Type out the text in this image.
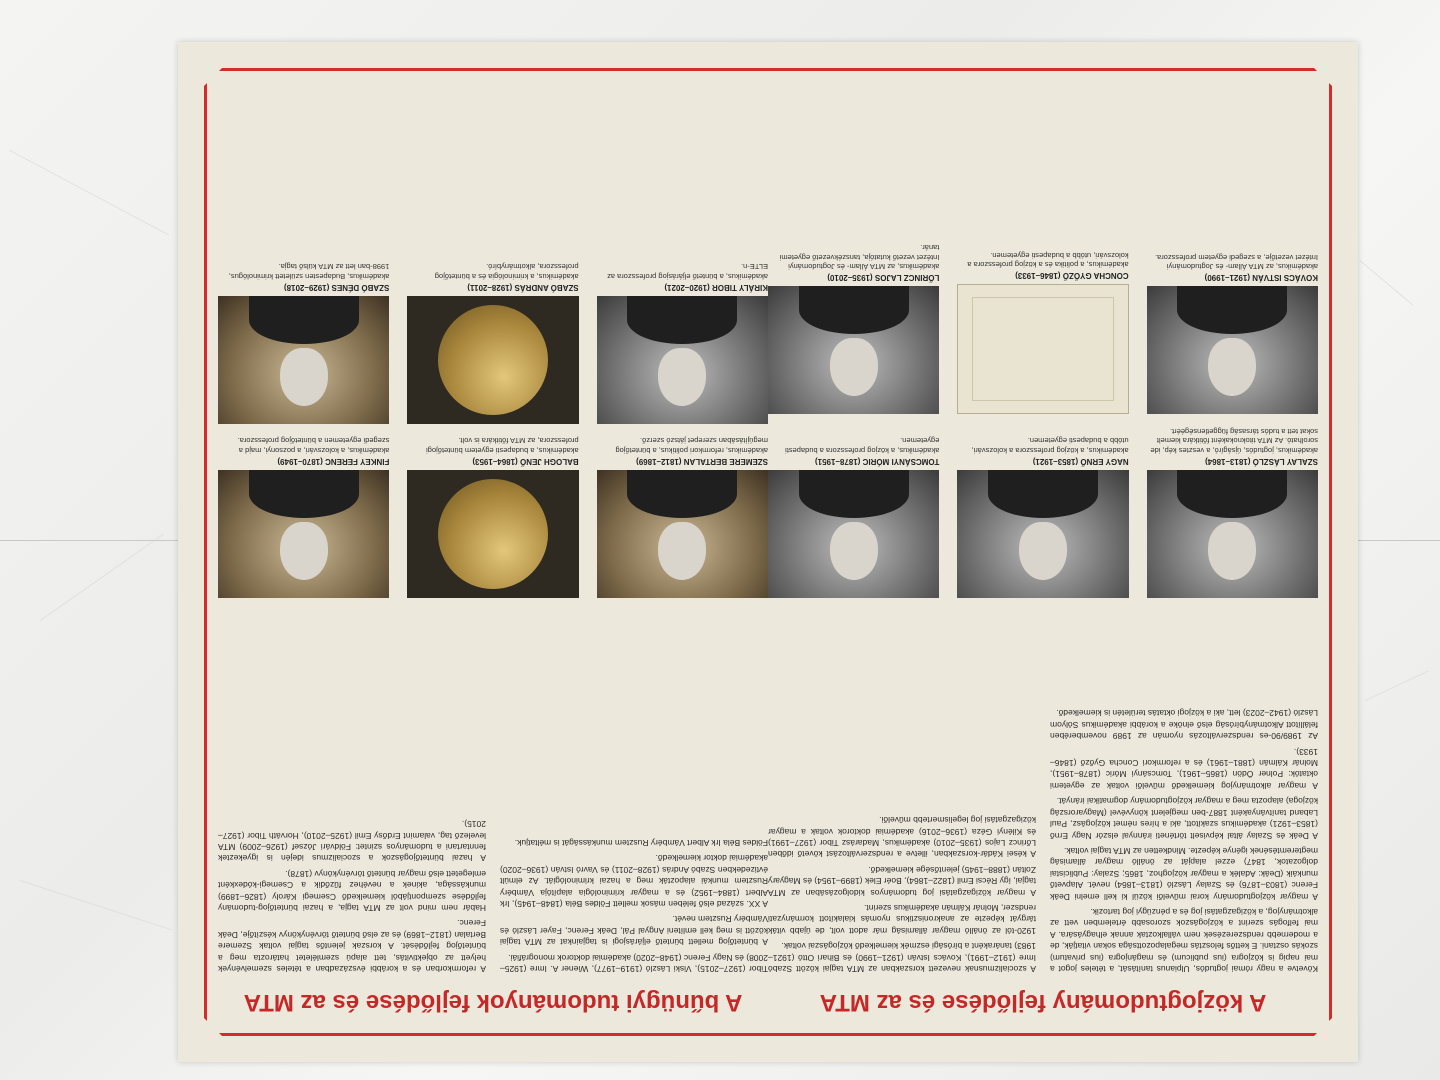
A közjogtudomány fejlődése és az MTA

Követve a nagy római jogtudós, Ulpianus tanítását, a tételes jogot a mai napig is közjogra (ius publicum) és magánjogra (ius privatum) szokás osztani. E kettős felosztás megalapozottsága sokan vitatják, de a modernebb rendszerezések nem vállalkoztak annak elhagyására. A mai felfogás szerint a közjogászok szorosabb értelemben vett az alkotmányjog, a közigazgatási jog és a pénzügyi jog tartozik.

A magyar közjogtudomány korai művelői közül ki kell emelni Deák Ferenc (1803–1876) és Szalay László (1813–1864) nevét. Alapvető munkáik (Deák: Adalék a magyar közjoghoz, 1865; Szalay: Publicistai dolgozatok, 1847) ezzel alapját az önálló magyar államiság megteremtésének igénye képezte. Mindketten az MTA tagjai voltak.

A Deák és Szalay által képviselt történeti iránnyal elszór Nagy Ernő (1853–1921) akadémikus szakított, aki a híres német közjogász, Paul Laband tanítványaként 1887-ben megjelent könyvével (Magyarország közjoga) alapozta meg a magyar közjogtudomány dogmatikai irányát.

A magyar alkotmányjog kiemelkedő művelői voltak az egyetemi oktatók: Polner Ödön (1865–1961), Tomcsányi Móric (1878–1951), Molnár Kálmán (1881–1961) és a reformkori Concha Győző (1846–1933).

Az 1989/90-es rendszerváltozás nyomán az 1989 novemberében felállított Alkotmánybíróság első elnöke a korábbi akadémikus Sólyom László (1942–2023) lett, aki a közjogi oktatás területén is kiemelkedő.

A szocializmusnak nevezett korszakban az MTA tagjai között Szabó Imre (1912–1991), Kovács István (1921–1990) és Bihari Ottó (1921–1983) tanáraként a bírósági eszmék kiemelkedő közjogászai voltak.

1920-tól az önálló magyar államiság már adott volt, de újabb viták tárgyát képezte az anakronisztikus nyomás kialakított kormányzati rendszer, Molnár Kálmán akadémikus szerint.

A magyar közigazgatási jog tudományos kidolgozásában az MTA tagjai, így Récsi Emil (1822–1864), Boér Elek (1899–1954) és Magyary Zoltán (1888–1945) jelentősége kiemelkedő.

A kései Kádár-korszakban, illetve a rendszerváltozást követő időben Lőrincz Lajos (1935–2010) akadémikus, Madarász Tibor (1927–1991) és Kilényi Géza (1936–2016) akadémiai doktorok voltak a magyar közigazgatási jog legelismertebb művelői.

SZALAY LÁSZLÓ (1813–1864)
akadémikus, jogtudós, újságíró, a vesztes kép, ide sorolható. Az MTA titoknokaként főtitkára kiemelt sokat tett a tudós társaság függetlenségéért.
NAGY ERNŐ (1853–1921)
akadémikus, a közjog professzora a kolozsvári, utóbb a budapesti egyetemen.
TOMCSÁNYI MÓRIC (1878–1951)
akadémikus, a közjog professzora a budapesti egyetemen.
KOVÁCS ISTVÁN (1921–1990)
akadémikus, az MTA Állam- és Jogtudományi Intézet vezetője, a szegedi egyetem professzora.
CONCHA GYŐZŐ (1846–1933)
akadémikus, a politika és a közjog professzora a kolozsvári, utóbb a budapesti egyetemen.
LŐRINCZ LAJOS (1935–2010)
akadémikus, az MTA Állam- és Jogtudományi Intézet vezető kutatója, tanszékvezető egyetemi tanár.
A bűnügyi tudományok fejlődése és az MTA

Tibor (1927–2015), Viski László (1919–1977), Wiener A. Imre (1925–2008) és Nagy Ferenc (1948–2020) akadémiai doktorok monográfiái.

A büntetőjog mellett büntető eljárásjogi is tagjainkat az MTA tagjai között is meg kell említeni Angyal Pál, Deák Ferenc, Fayer László és Vámbéry Rusztem nevét.

A XX. század első felében mások mellett Földes Béla (1848–1945), Irk Albert (1884–1952) és a magyar kriminológia alapítója Vámbéry Rusztem munkái alapozták meg a hazai kriminológiát. Az elmúlt évtizedekben Szabó András (1928–2011) és Vavró István (1936–2020) akadémiai doktor kiemelkedő.

Földes Béla Irk Albert Vámbéry Rusztem munkásságát is méltatjuk.

A reformkorban és a korábbi évszázadban a tételes szemelvények helyett az objektivitás, tett alapú szemléletet határozta meg a büntetőjog fejlődését. A korszak jelentős tagjai voltak Szemere Bertalan (1812–1869) és az első büntető törvénykönyv készítője, Deák Ferenc.

Habár nem mind volt az MTA tagja, a hazai büntetőjog-tudomány fejlődése szempontjából kiemelkedő Csemegi Károly (1826–1899) munkássága, akinek a nevéhez fűződik a Csemegi-kódexként emlegetett első magyar büntető törvénykönyv (1878).

A hazai büntetőjogászok a szocializmus idején is igyekeztek fenntartani a tudományos szintet: Földvári József (1926–2009) MTA levelező tag, valamint Erdősy Emil (1925–2010), Horváth Tibor (1927–2015).

SZEMERE BERTALAN (1812–1869)
akadémikus, reformkori politikus, a büntetőjog megújításában szerepet játszó szerző.
BALOGH JENŐ (1864–1953)
akadémikus, a budapesti egyetem büntetőjogi professzora, az MTA főtitkára is volt.
FINKEY FERENC (1870–1949)
akadémikus, a kolozsvári, a pozsonyi, majd a szegedi egyetemen a büntetőjog professzora.
KIRÁLY TIBOR (1920–2021)
akadémikus, a büntető eljárásjog professzora az ELTE-n.
SZABÓ ANDRÁS (1928–2011)
akadémikus, a kriminológia és a büntetőjog professzora, alkotmánybíró.
SZABÓ DÉNES (1929–2018)
akadémikus, Budapesten született kriminológus, 1998-ban lett az MTA külső tagja.
